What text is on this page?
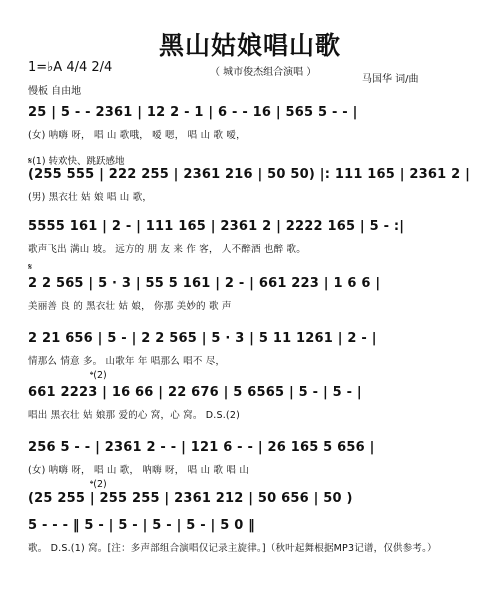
黑山姑娘唱山歌
（ 城市俊杰组合演唱 ）
1=♭A 4/4 2/4
慢板 自由地
马国华 词/曲
25 | 5 - - 2361 | 12 2 - 1 | 6 - - 16 | 565 5 - - |
(女) 呐嗨 呀， 唱 山 歌哦， 嗳 嗯， 唱 山 歌 嗳，
𝄋(1) 转欢快、跳跃感地
(255 555 | 222 255 | 2361 216 | 50 50) |: 111 165 | 2361 2 |
(男) 黑衣壮 姑 娘 唱 山 歌，
5555 161 | 2 - | 111 165 | 2361 2 | 2222 165 | 5 - :|
歌声飞出 满山 坡。 远方的 朋 友 来 作 客， 人不醉酒 也醉 歌。
𝄋
2 2 565 | 5 · 3 | 55 5 161 | 2 - | 661 223 | 1 6 6 |
美丽善 良 的 黑衣壮 姑 娘， 你那 美妙的 歌 声
2 21 656 | 5 - | 2 2 565 | 5 · 3 | 5 11 1261 | 2 - |
情那么 情意 多。 山歌年 年 唱那么 唱不 尽，
𝄌(2)
661 2223 | 16 66 | 22 676 | 5 6565 | 5 - | 5 - |
唱出 黑衣壮 姑 娘那 爱的心 窝，心 窝。 D.S.(2)
256 5 - - | 2361 2 - - | 121 6 - - | 26 165 5 656 |
(女) 呐嗨 呀， 唱 山 歌， 呐嗨 呀， 唱 山 歌 唱 山
𝄌(2)
(25 255 | 255 255 | 2361 212 | 50 656 | 50 )
5 - - - ‖ 5 - | 5 - | 5 - | 5 - | 5 0 ‖
歌。 D.S.(1) 窝。[注：多声部组合演唱仅记录主旋律。]（秋叶起舞根据MP3记谱，仅供参考。）
